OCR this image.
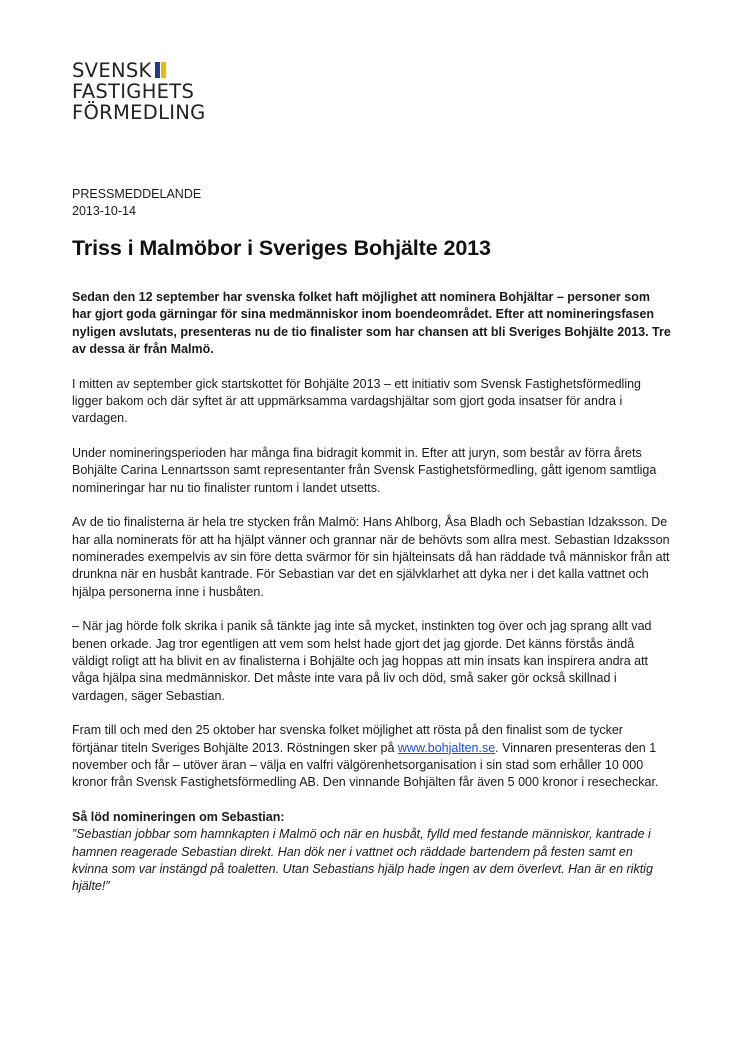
SVENSK
FASTIGHETS
FÖRMEDLING
PRESSMEDDELANDE
2013-10-14
Triss i Malmöbor i Sveriges Bohjälte 2013

Sedan den 12 september har svenska folket haft möjlighet att nominera Bohjältar – personer som har gjort goda gärningar för sina medmänniskor inom boendeområdet. Efter att nomineringsfasen nyligen avslutats, presenteras nu de tio finalister som har chansen att bli Sveriges Bohjälte 2013. Tre av dessa är från Malmö.

I mitten av september gick startskottet för Bohjälte 2013 – ett initiativ som Svensk Fastighetsförmedling ligger bakom och där syftet är att uppmärksamma vardagshjältar som gjort goda insatser för andra i vardagen.

Under nomineringsperioden har många fina bidragit kommit in. Efter att juryn, som består av förra årets Bohjälte Carina Lennartsson samt representanter från Svensk Fastighetsförmedling, gått igenom samtliga nomineringar har nu tio finalister runtom i landet utsetts.

Av de tio finalisterna är hela tre stycken från Malmö: Hans Ahlborg, Åsa Bladh och Sebastian Idzaksson. De har alla nominerats för att ha hjälpt vänner och grannar när de behövts som allra mest. Sebastian Idzaksson nominerades exempelvis av sin före detta svärmor för sin hjälteinsats då han räddade två människor från att drunkna när en husbåt kantrade. För Sebastian var det en självklarhet att dyka ner i det kalla vattnet och hjälpa personerna inne i husbåten.

– När jag hörde folk skrika i panik så tänkte jag inte så mycket, instinkten tog över och jag sprang allt vad benen orkade. Jag tror egentligen att vem som helst hade gjort det jag gjorde. Det känns förstås ändå väldigt roligt att ha blivit en av finalisterna i Bohjälte och jag hoppas att min insats kan inspirera andra att våga hjälpa sina medmänniskor. Det måste inte vara på liv och död, små saker gör också skillnad i vardagen, säger Sebastian.

Fram till och med den 25 oktober har svenska folket möjlighet att rösta på den finalist som de tycker förtjänar titeln Sveriges Bohjälte 2013. Röstningen sker på www.bohjalten.se. Vinnaren presenteras den 1 november och får – utöver äran – välja en valfri välgörenhetsorganisation i sin stad som erhåller 10 000 kronor från Svensk Fastighetsförmedling AB. Den vinnande Bohjälten får även 5 000 kronor i resecheckar.

Så löd nomineringen om Sebastian:

”Sebastian jobbar som hamnkapten i Malmö och när en husbåt, fylld med festande människor, kantrade i hamnen reagerade Sebastian direkt. Han dök ner i vattnet och räddade bartendern på festen samt en kvinna som var instängd på toaletten. Utan Sebastians hjälp hade ingen av dem överlevt. Han är en riktig hjälte!”
